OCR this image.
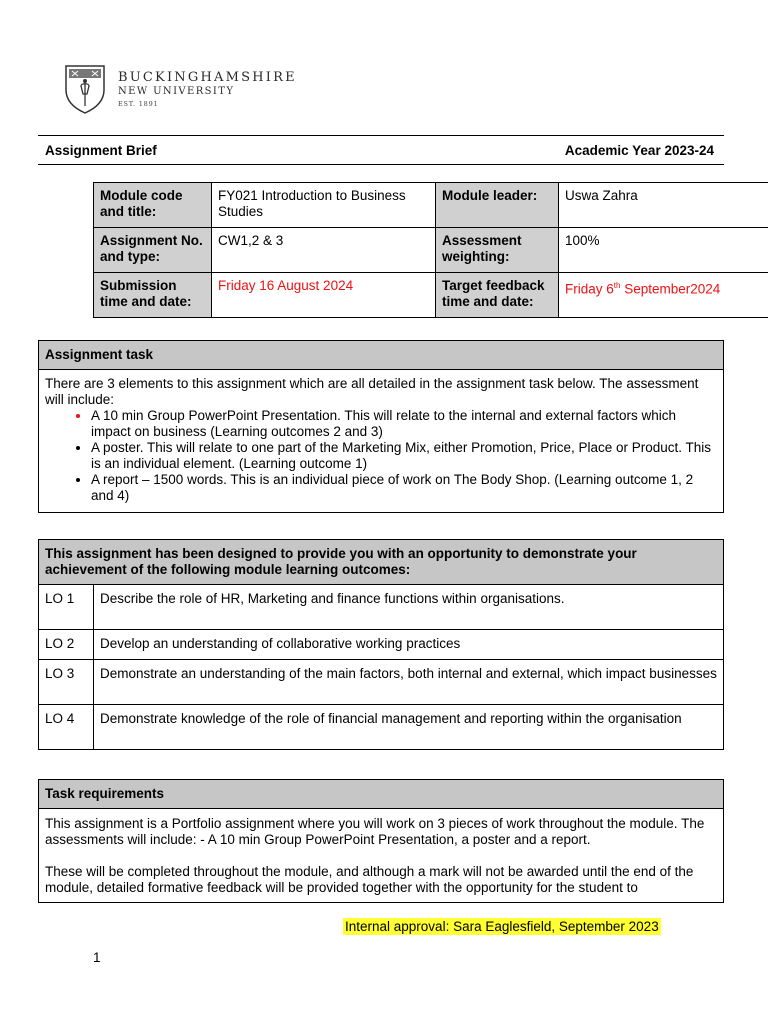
BUCKINGHAMSHIRE
NEW UNIVERSITY
EST. 1891
Assignment Brief	Academic Year 2023-24
Module code and title:	FY021 Introduction to Business Studies	Module leader:	Uswa Zahra
Assignment No. and type:	CW1,2 & 3	Assessment weighting:	100%
Submission time and date:	Friday 16 August 2024	Target feedback time and date:	Friday 6th September2024
Assignment task

There are 3 elements to this assignment which are all detailed in the assignment task below. The assessment will include:
• A 10 min Group PowerPoint Presentation. This will relate to the internal and external factors which impact on business (Learning outcomes 2 and 3)
• A poster. This will relate to one part of the Marketing Mix, either Promotion, Price, Place or Product. This is an individual element. (Learning outcome 1)
• A report – 1500 words. This is an individual piece of work on The Body Shop. (Learning outcome 1, 2 and 4)
This assignment has been designed to provide you with an opportunity to demonstrate your achievement of the following module learning outcomes:	
LO 1	Describe the role of HR, Marketing and finance functions within organisations.
LO 2	Develop an understanding of collaborative working practices
LO 3	Demonstrate an understanding of the main factors, both internal and external, which impact businesses
LO 4	Demonstrate knowledge of the role of financial management and reporting within the organisation
Task requirements

This assignment is a Portfolio assignment where you will work on 3 pieces of work throughout the module. The assessments will include: - A 10 min Group PowerPoint Presentation, a poster and a report.

These will be completed throughout the module, and although a mark will not be awarded until the end of the module, detailed formative feedback will be provided together with the opportunity for the student to

Internal approval: Sara Eaglesfield, September 2023
1
